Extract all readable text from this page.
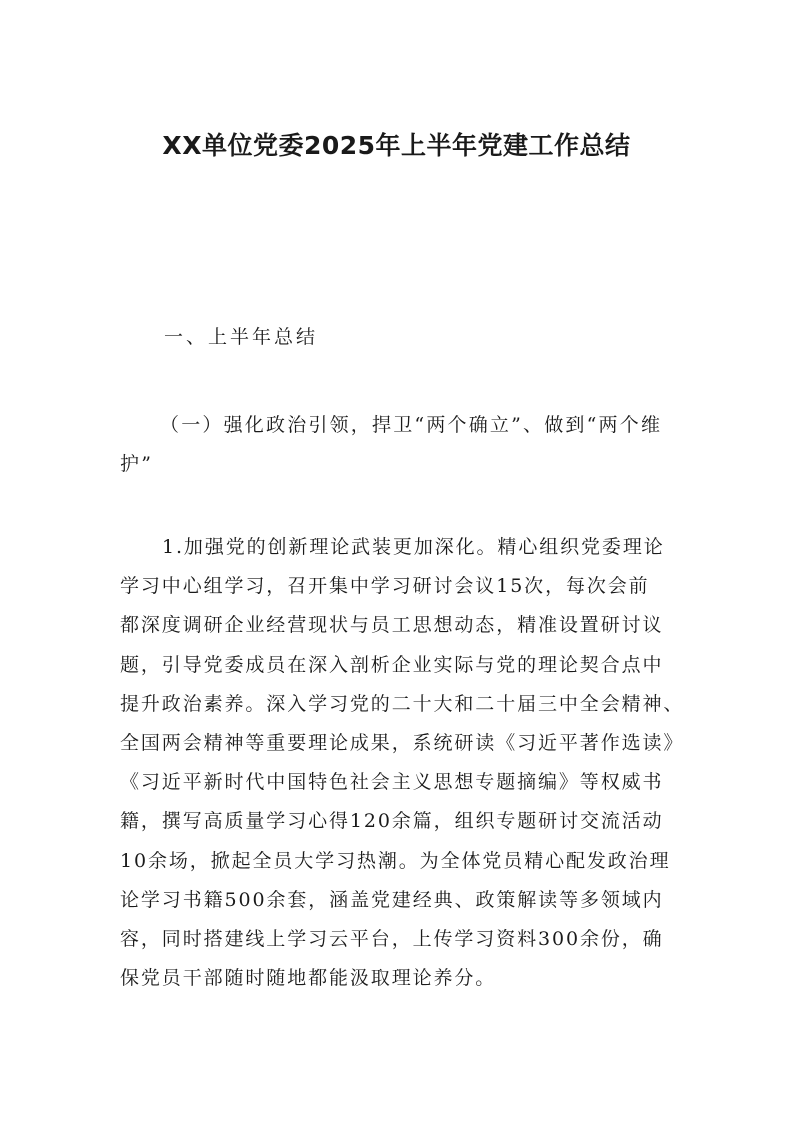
XX单位党委2025年上半年党建工作总结

一、上半年总结

（一）强化政治引领，捍卫“两个确立”、做到“两个维护”

1.加强党的创新理论武装更加深化。精心组织党委理论
学习中心组学习，召开集中学习研讨会议15次，每次会前
都深度调研企业经营现状与员工思想动态，精准设置研讨议
题，引导党委成员在深入剖析企业实际与党的理论契合点中
提升政治素养。深入学习党的二十大和二十届三中全会精神、
全国两会精神等重要理论成果，系统研读《习近平著作选读》
《习近平新时代中国特色社会主义思想专题摘编》等权威书
籍，撰写高质量学习心得120余篇，组织专题研讨交流活动
10余场，掀起全员大学习热潮。为全体党员精心配发政治理
论学习书籍500余套，涵盖党建经典、政策解读等多领域内
容，同时搭建线上学习云平台，上传学习资料300余份，确
保党员干部随时随地都能汲取理论养分。
